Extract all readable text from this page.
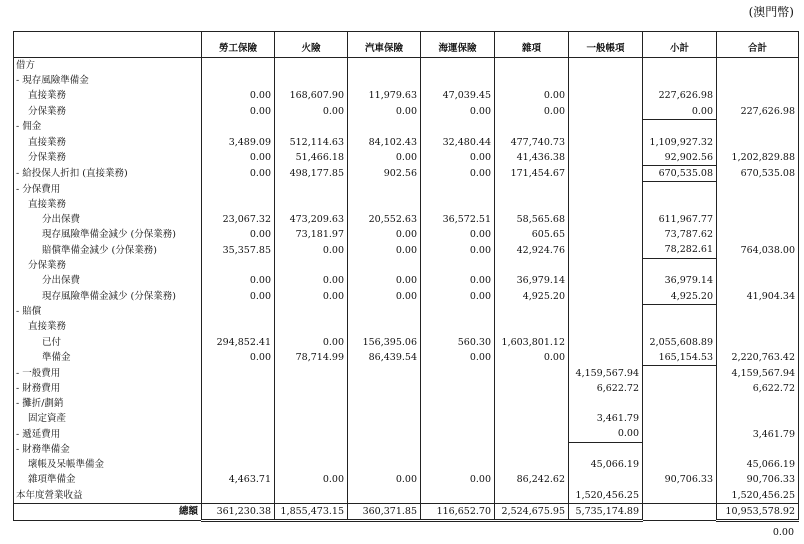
(澳門幣)
	勞工保險	火險	汽車保險	海運保險	雜項	一般帳項	小計	合計
借方								
- 現存風險準備金								
直接業務	0.00	168,607.90	11,979.63	47,039.45	0.00		227,626.98	
分保業務	0.00	0.00	0.00	0.00	0.00		0.00	227,626.98
- 佣金								
直接業務	3,489.09	512,114.63	84,102.43	32,480.44	477,740.73		1,109,927.32	
分保業務	0.00	51,466.18	0.00	0.00	41,436.38		92,902.56	1,202,829.88
- 給投保人折扣 (直接業務)	0.00	498,177.85	902.56	0.00	171,454.67		670,535.08	670,535.08
- 分保費用								
直接業務								
分出保費	23,067.32	473,209.63	20,552.63	36,572.51	58,565.68		611,967.77	
現存風險準備金減少 (分保業務)	0.00	73,181.97	0.00	0.00	605.65		73,787.62	
賠償準備金減少 (分保業務)	35,357.85	0.00	0.00	0.00	42,924.76		78,282.61	764,038.00
分保業務								
分出保費	0.00	0.00	0.00	0.00	36,979.14		36,979.14	
現存風險準備金減少 (分保業務)	0.00	0.00	0.00	0.00	4,925.20		4,925.20	41,904.34
- 賠償								
直接業務								
已付	294,852.41	0.00	156,395.06	560.30	1,603,801.12		2,055,608.89	
準備金	0.00	78,714.99	86,439.54	0.00	0.00		165,154.53	2,220,763.42
- 一般費用						4,159,567.94		4,159,567.94
- 財務費用						6,622.72		6,622.72
- 攤折/劃銷								
固定資產						3,461.79		
- 遞延費用						0.00		3,461.79
- 財務準備金								
壞帳及呆帳準備金						45,066.19		45,066.19
雜項準備金	4,463.71	0.00	0.00	0.00	86,242.62		90,706.33	90,706.33
本年度營業收益						1,520,456.25		1,520,456.25
總額	361,230.38	1,855,473.15	360,371.85	116,652.70	2,524,675.95	5,735,174.89		10,953,578.92
0.00
